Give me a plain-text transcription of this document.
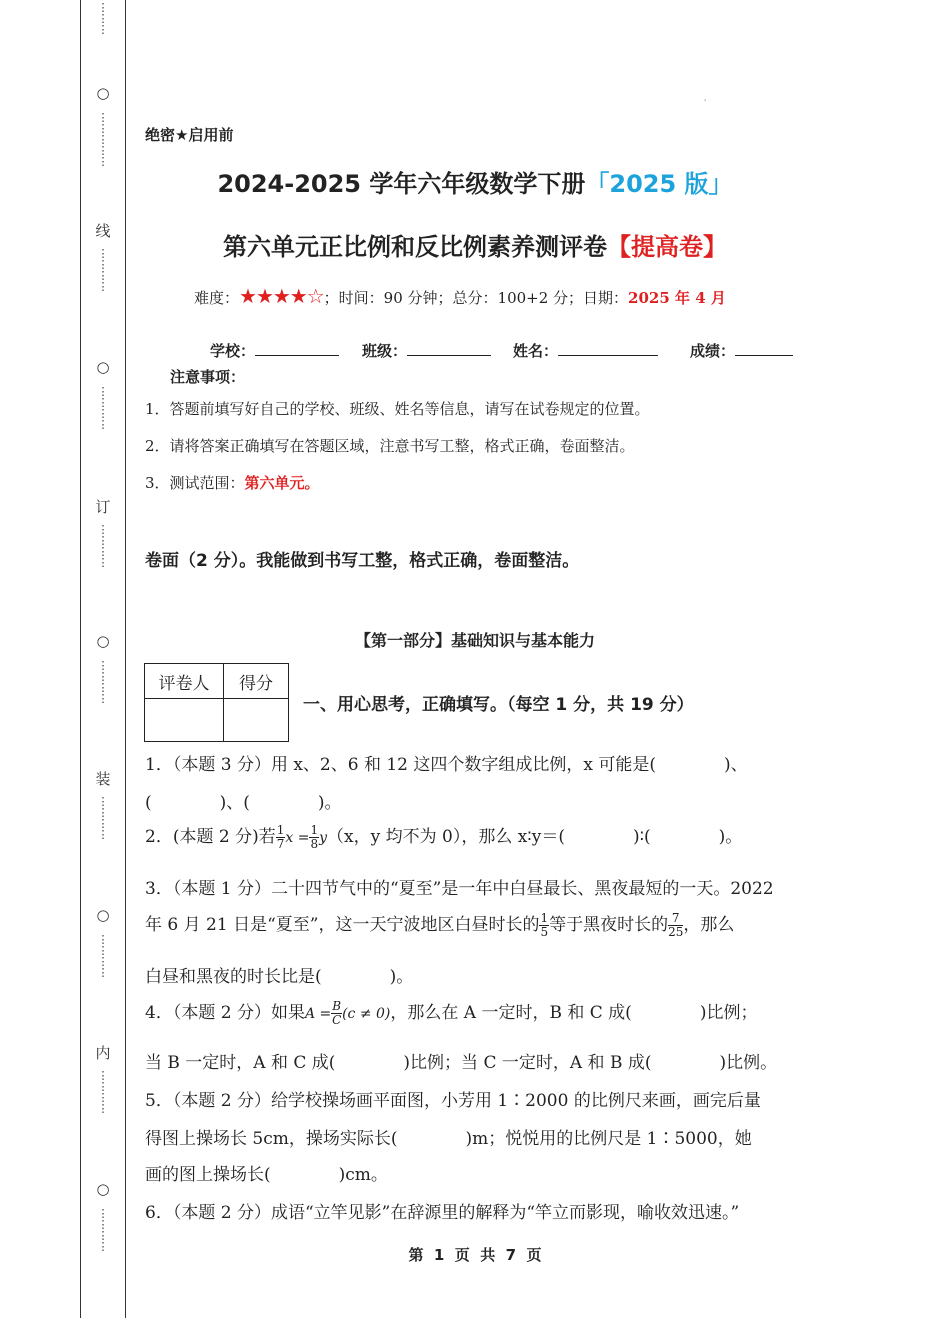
⋮
⋮
⋮
○
⋮
⋮
⋮
⋮
⋮
线
⋮
⋮
⋮
⋮
○
⋮
⋮
⋮
⋮
订
⋮
⋮
⋮
⋮
○
⋮
⋮
⋮
⋮
装
⋮
⋮
⋮
⋮
○
⋮
⋮
⋮
⋮
内
⋮
⋮
⋮
⋮
○
⋮
⋮
⋮
⋮
'
绝密★启用前
2024-2025 学年六年级数学下册「2025 版」
第六单元正比例和反比例素养测评卷【提高卷】
难度：★★★★☆；时间：90 分钟；总分：100+2 分；日期：2025 年 4 月
学校：	班级：	姓名：	成绩：
注意事项：
1．答题前填写好自己的学校、班级、姓名等信息，请写在试卷规定的位置。
2．请将答案正确填写在答题区域，注意书写工整，格式正确，卷面整洁。
3．测试范围：第六单元。
卷面（2 分）。我能做到书写工整，格式正确，卷面整洁。
【第一部分】基础知识与基本能力
评卷人	得分

一、用心思考，正确填写。（每空 1 分，共 19 分）
1．（本题 3 分）用 x、2、6 和 12 这四个数字组成比例，x 可能是(　　　　)、
(　　　　)、(　　　　)。
2．(本题 2 分)若 $\frac{1}{7}$ $x = \frac{1}{8} y(x$，y 均不为 0），那么 x∶y＝(　　　　)∶(　　　　)。
3．（本题 1 分）二十四节气中的“夏至”是一年中白昼最长、黑夜最短的一天。2022
年 6 月 21 日是“夏至”，这一天宁波地区白昼时长的 $\frac{1}{5}$ 等于黑夜时长的 $\frac{7}{25}$ ，那么
白昼和黑夜的时长比是(　　　　)。
4．（本题 2 分）如果$A = \frac{B}{C} (c \ne 0)$，那么在 A 一定时，B 和 C 成(　　　　)比例；
当 B 一定时，A 和 C 成(　　　　)比例；当 C 一定时，A 和 B 成(　　　　)比例。
5．（本题 2 分）给学校操场画平面图，小芳用 1∶2000 的比例尺来画，画完后量
得图上操场长 5cm，操场实际长(　　　　)m；悦悦用的比例尺是 1∶5000，她
画的图上操场长(　　　　)cm。
6．（本题 2 分）成语“立竿见影”在辞源里的解释为“竿立而影现，喻收效迅速。”
第  1  页  共  7  页
